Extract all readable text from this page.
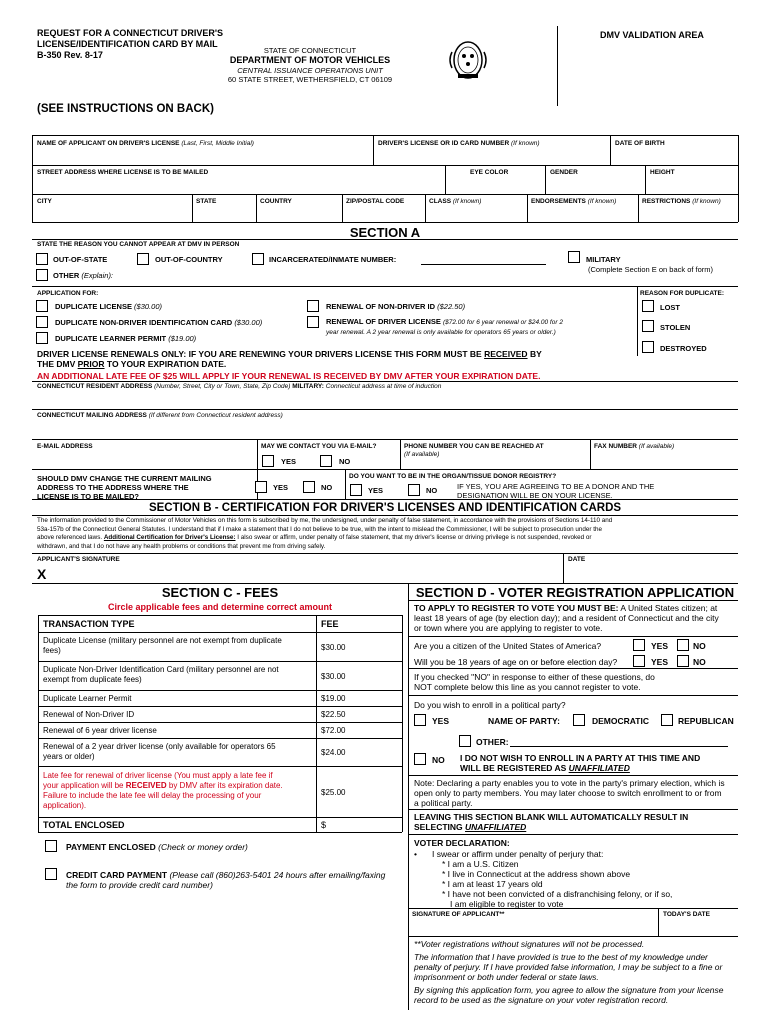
REQUEST FOR A CONNECTICUT DRIVER'S
LICENSE/IDENTIFICATION CARD BY MAIL
B-350 Rev. 8-17	STATE OF CONNECTICUT
DEPARTMENT OF MOTOR VEHICLES
CENTRAL ISSUANCE OPERATIONS UNIT
60 STATE STREET, WETHERSFIELD, CT 06109
DMV VALIDATION AREA
(SEE INSTRUCTIONS ON BACK)
NAME OF APPLICANT ON DRIVER'S LICENSE (Last, First, Middle Initial)	DRIVER'S LICENSE OR ID CARD NUMBER (If known)	DATE OF BIRTH
STREET ADDRESS WHERE LICENSE IS TO BE MAILED	EYE COLOR	GENDER	HEIGHT
CITY	STATE	COUNTRY	ZIP/POSTAL CODE	CLASS (If known)	ENDORSEMENTS (If known)	RESTRICTIONS (If known)
SECTION A
STATE THE REASON YOU CANNOT APPEAR AT DMV IN PERSON
OUT-OF-STATE	OUT-OF-COUNTRY	INCARCERATED/INMATE NUMBER:	MILITARY
(Complete Section E on back of form)
OTHER (Explain):
APPLICATION FOR:	REASON FOR DUPLICATE:
DUPLICATE LICENSE ($30.00)
DUPLICATE NON-DRIVER IDENTIFICATION CARD ($30.00)
DUPLICATE LEARNER PERMIT ($19.00)
RENEWAL OF NON-DRIVER ID ($22.50)
RENEWAL OF DRIVER LICENSE ($72.00 for 6 year renewal or $24.00 for 2
year renewal. A 2 year renewal is only available for operators 65 years or older.)
LOST
STOLEN
DESTROYED
DRIVER LICENSE RENEWALS ONLY: IF YOU ARE RENEWING YOUR DRIVERS LICENSE THIS FORM MUST BE RECEIVED BY
THE DMV PRIOR TO YOUR EXPIRATION DATE.
AN ADDITIONAL LATE FEE OF $25 WILL APPLY IF YOUR RENEWAL IS RECEIVED BY DMV AFTER YOUR EXPIRATION DATE.
CONNECTICUT RESIDENT ADDRESS (Number, Street, City or Town, State, Zip Code) MILITARY: Connecticut address at time of induction
CONNECTICUT MAILING ADDRESS (If different from Connecticut resident address)
E-MAIL ADDRESS	MAY WE CONTACT YOU VIA E-MAIL?
YES	NO
PHONE NUMBER YOU CAN BE REACHED AT
(If available)
FAX NUMBER (If available)
SHOULD DMV CHANGE THE CURRENT MAILING
ADDRESS TO THE ADDRESS WHERE THE
LICENSE IS TO BE MAILED?
YES	NO
DO YOU WANT TO BE IN THE ORGAN/TISSUE DONOR REGISTRY?
YES	NO	IF YES, YOU ARE AGREEING TO BE A DONOR AND THE
DESIGNATION WILL BE ON YOUR LICENSE.
SECTION B - CERTIFICATION FOR DRIVER'S LICENSES AND IDENTIFICATION CARDS
The information provided to the Commissioner of Motor Vehicles on this form is subscribed by me, the undersigned, under penalty of false statement, in accordance with the provisions of Sections 14-110 and
53a-157b of the Connecticut General Statutes. I understand that if I make a statement that I do not believe to be true, with the intent to mislead the Commissioner, I will be subject to prosecution under the
above referenced laws. Additional Certification for Driver's License: I also swear or affirm, under penalty of false statement, that my driver's license or driving privilege is not suspended, revoked or
withdrawn, and that I do not have any health problems or conditions that prevent me from driving safely.
APPLICANT'S SIGNATURE
X
DATE
SECTION C - FEES
Circle applicable fees and determine correct amount
TRANSACTION TYPE	FEE
Duplicate License (military personnel are not exempt from duplicate
fees)	$30.00
Duplicate Non-Driver Identification Card (military personnel are not
exempt from duplicate fees)	$30.00
Duplicate Learner Permit	$19.00
Renewal of Non-Driver ID	$22.50
Renewal of 6 year driver license	$72.00
Renewal of a 2 year driver license (only available for operators 65
years or older)	$24.00
Late fee for renewal of driver license (You must apply a late fee if
your application will be RECEIVED by DMV after its expiration date.
Failure to include the late fee will delay the processing of your
application).
$25.00
TOTAL ENCLOSED	$
PAYMENT ENCLOSED (Check or money order)
CREDIT CARD PAYMENT (Please call (860)263-5401 24 hours after emailing/faxing
the form to provide credit card number)
SECTION D - VOTER REGISTRATION APPLICATION
TO APPLY TO REGISTER TO VOTE YOU MUST BE: A United States citizen; at
least 18 years of age (by election day); and a resident of Connecticut and the city
or town where you are applying to register to vote.
Are you a citizen of the United States of America?	YES	NO
Will you be 18 years of age on or before election day?	YES	NO
If you checked "NO" in response to either of these questions, do
NOT complete below this line as you cannot register to vote.
Do you wish to enroll in a political party?
YES	NAME OF PARTY:	DEMOCRATIC	REPUBLICAN
OTHER:
NO I DO NOT WISH TO ENROLL IN A PARTY AT THIS TIME AND
WILL BE REGISTERED AS UNAFFILIATED
Note: Declaring a party enables you to vote in the party's primary election, which is
open only to party members. You may later choose to switch enrollment to or from
a political party.
LEAVING THIS SECTION BLANK WILL AUTOMATICALLY RESULT IN
SELECTING UNAFFILIATED
VOTER DECLARATION:
• I swear or affirm under penalty of perjury that:
* I am a U.S. Citizen
* I live in Connecticut at the address shown above
* I am at least 17 years old
* I have not been convicted of a disfranchising felony, or if so,
I am eligible to register to vote
SIGNATURE OF APPLICANT**	TODAY'S DATE
**Voter registrations without signatures will not be processed.
The information that I have provided is true to the best of my knowledge under
penalty of perjury. If I have provided false information, I may be subject to a fine or
imprisonment or both under federal or state laws.
By signing this application form, you agree to allow the signature from your license
record to be used as the signature on your voter registration record.
